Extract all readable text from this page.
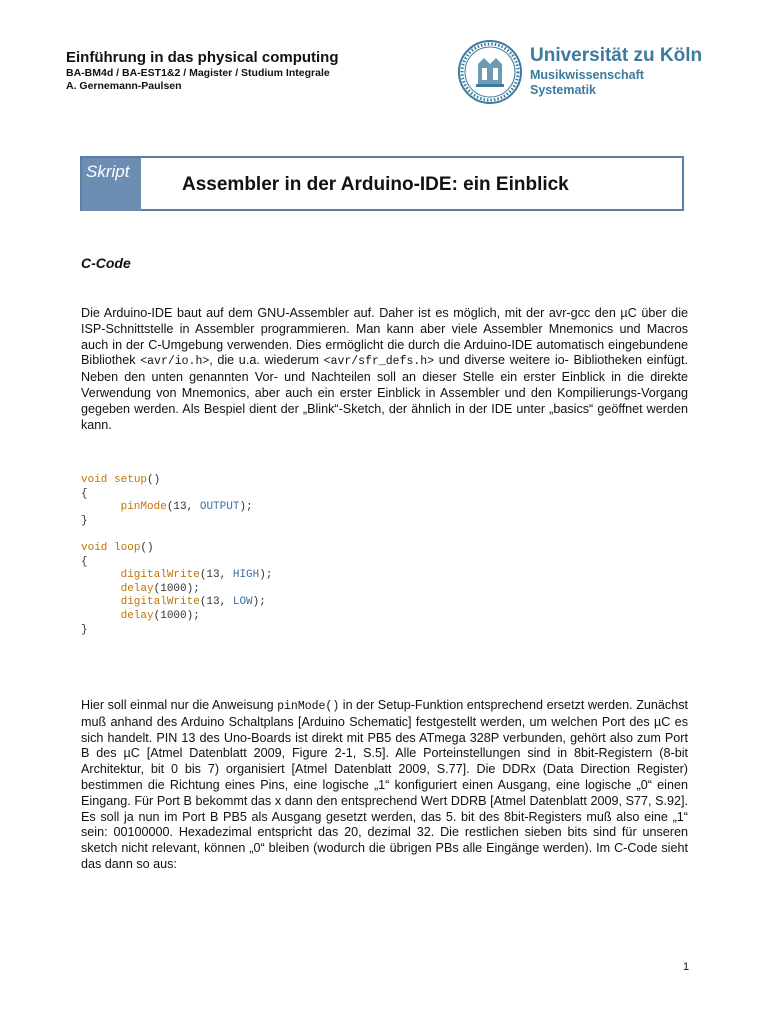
Einführung in das physical computing
BA-BM4d / BA-EST1&2 / Magister / Studium Integrale
A. Gernemann-Paulsen
Universität zu Köln
Musikwissenschaft
Systematik
Skript
Assembler in der Arduino-IDE: ein Einblick
C-Code
Die Arduino-IDE baut auf dem GNU-Assembler auf. Daher ist es möglich, mit der avr-gcc den µC über die ISP-Schnittstelle in Assembler programmieren. Man kann aber viele Assembler Mnemonics und Macros auch in der C-Umgebung verwenden. Dies ermöglicht die durch die Arduino-IDE automatisch eingebundene Bibliothek <avr/io.h>, die u.a. wiederum <avr/sfr_defs.h> und diverse weitere io- Bibliotheken einfügt. Neben den unten genannten Vor- und Nachteilen soll an dieser Stelle ein erster Einblick in die direkte Verwendung von Mnemonics, aber auch ein erster Einblick in Assembler und den Kompilierungs-Vorgang gegeben werden. Als Bespiel dient der „Blink“-Sketch, der ähnlich in der IDE unter „basics“ geöffnet werden kann.
void setup()
{
pinMode(13, OUTPUT);
}
void loop()
{
digitalWrite(13, HIGH);
delay(1000);
digitalWrite(13, LOW);
delay(1000);
}
Hier soll einmal nur die Anweisung pinMode() in der Setup-Funktion entsprechend ersetzt werden. Zunächst muß anhand des Arduino Schaltplans [Arduino Schematic] festgestellt werden, um welchen Port des µC es sich handelt. PIN 13 des Uno-Boards ist direkt mit PB5 des ATmega 328P verbunden, gehört also zum Port B des µC [Atmel Datenblatt 2009, Figure 2-1, S.5]. Alle Porteinstellungen sind in 8bit-Registern (8-bit Architektur, bit 0 bis 7) organisiert [Atmel Datenblatt 2009, S.77]. Die DDRx (Data Direction Register) bestimmen die Richtung eines Pins, eine logische „1“ konfiguriert einen Ausgang, eine logische „0“ einen Eingang. Für Port B bekommt das x dann den entsprechend Wert DDRB [Atmel Datenblatt 2009, S77, S.92]. Es soll ja nun im Port B PB5 als Ausgang gesetzt werden, das 5. bit des 8bit-Registers muß also eine „1“ sein: 00100000. Hexadezimal entspricht das 20, dezimal 32. Die restlichen sieben bits sind für unseren sketch nicht relevant, können „0“ bleiben (wodurch die übrigen PBs alle Eingänge werden). Im C-Code sieht das dann so aus:
1
